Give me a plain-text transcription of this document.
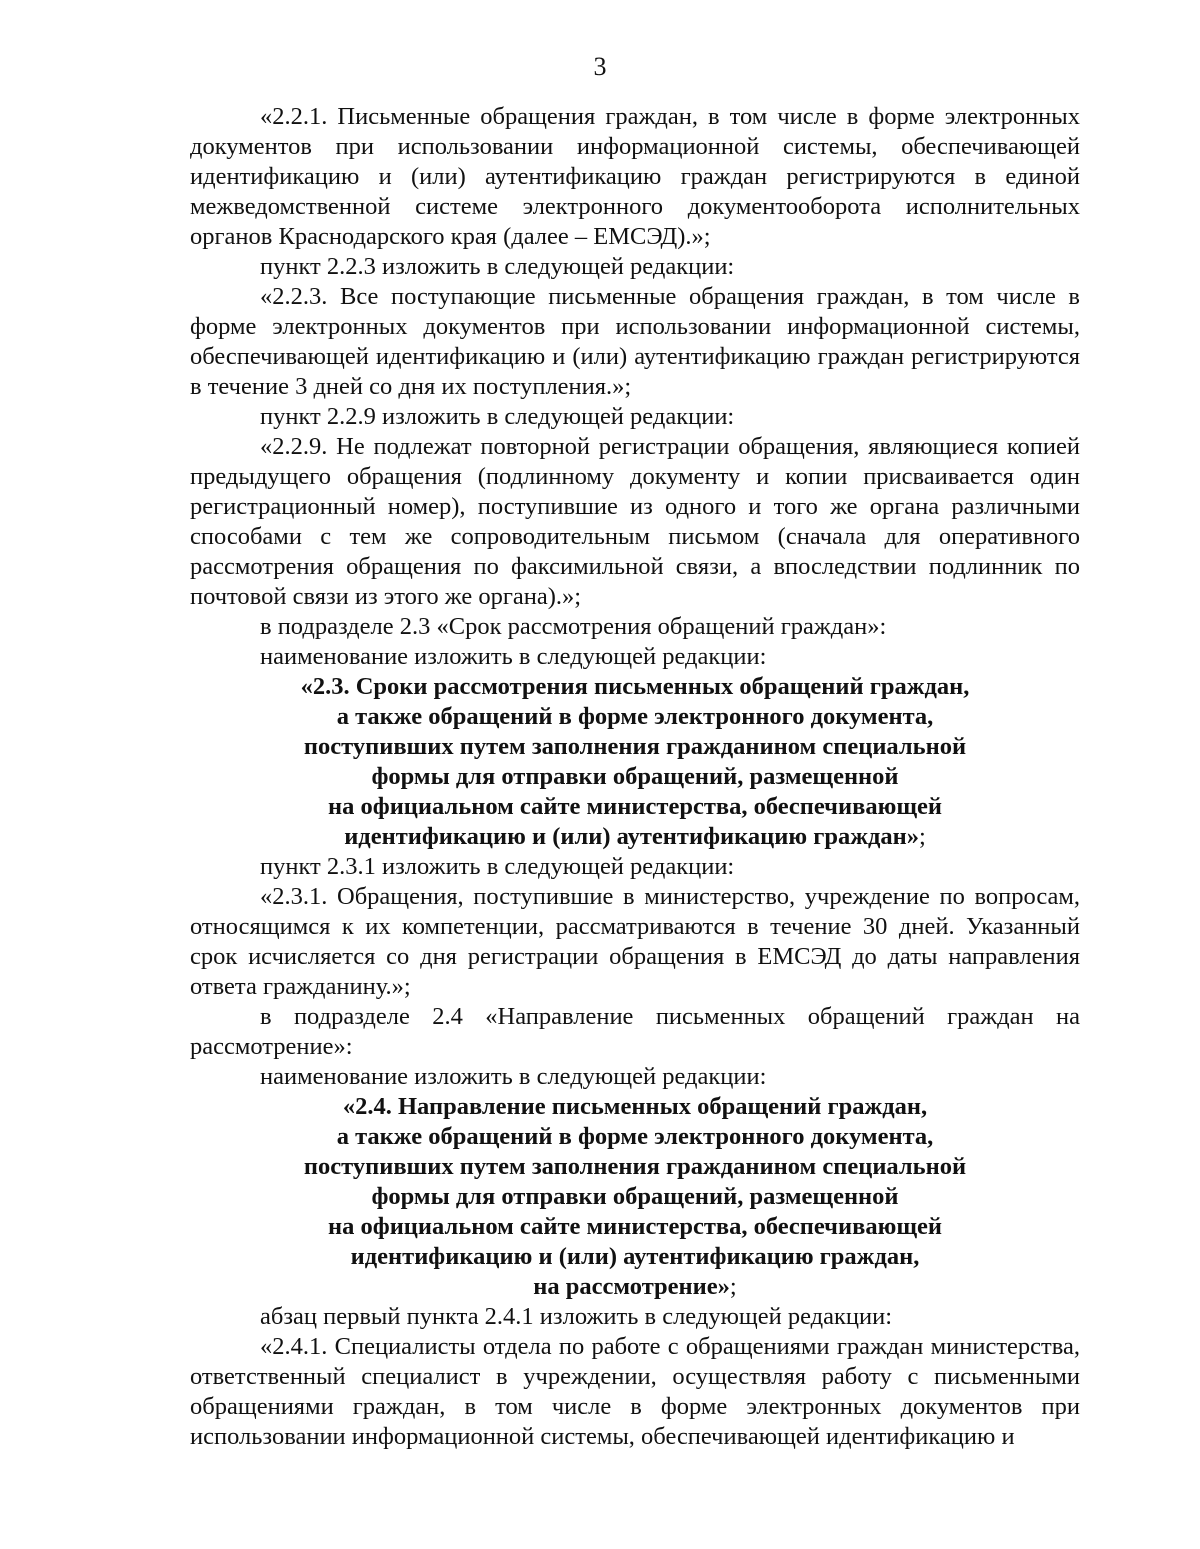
3

«2.2.1. Письменные обращения граждан, в том числе в форме электронных документов при использовании информационной системы, обеспечивающей идентификацию и (или) аутентификацию граждан регистрируются в единой межведомственной системе электронного документооборота исполнительных органов Краснодарского края (далее – ЕМСЭД).»;

пункт 2.2.3 изложить в следующей редакции:

«2.2.3. Все поступающие письменные обращения граждан, в том числе в форме электронных документов при использовании информационной системы, обеспечивающей идентификацию и (или) аутентификацию граждан регистрируются в течение 3 дней со дня их поступления.»;

пункт 2.2.9 изложить в следующей редакции:

«2.2.9. Не подлежат повторной регистрации обращения, являющиеся копией предыдущего обращения (подлинному документу и копии присваивается один регистрационный номер), поступившие из одного и того же органа различными способами с тем же сопроводительным письмом (сначала для оперативного рассмотрения обращения по факсимильной связи, а впоследствии подлинник по почтовой связи из этого же органа).»;

в подразделе 2.3 «Срок рассмотрения обращений граждан»:

наименование изложить в следующей редакции:

«2.3. Сроки рассмотрения письменных обращений граждан,
а также обращений в форме электронного документа,
поступивших путем заполнения гражданином специальной
формы для отправки обращений, размещенной
на официальном сайте министерства, обеспечивающей
идентификацию и (или) аутентификацию граждан»;

пункт 2.3.1 изложить в следующей редакции:

«2.3.1. Обращения, поступившие в министерство, учреждение по вопросам, относящимся к их компетенции, рассматриваются в течение 30 дней. Указанный срок исчисляется со дня регистрации обращения в ЕМСЭД до даты направления ответа гражданину.»;

в подразделе 2.4 «Направление письменных обращений граждан на рассмотрение»:

наименование изложить в следующей редакции:

«2.4. Направление письменных обращений граждан,
а также обращений в форме электронного документа,
поступивших путем заполнения гражданином специальной
формы для отправки обращений, размещенной
на официальном сайте министерства, обеспечивающей
идентификацию и (или) аутентификацию граждан,
на рассмотрение»;

абзац первый пункта 2.4.1 изложить в следующей редакции:

«2.4.1. Специалисты отдела по работе с обращениями граждан министерства, ответственный специалист в учреждении, осуществляя работу с письменными обращениями граждан, в том числе в форме электронных документов при использовании информационной системы, обеспечивающей идентификацию и
